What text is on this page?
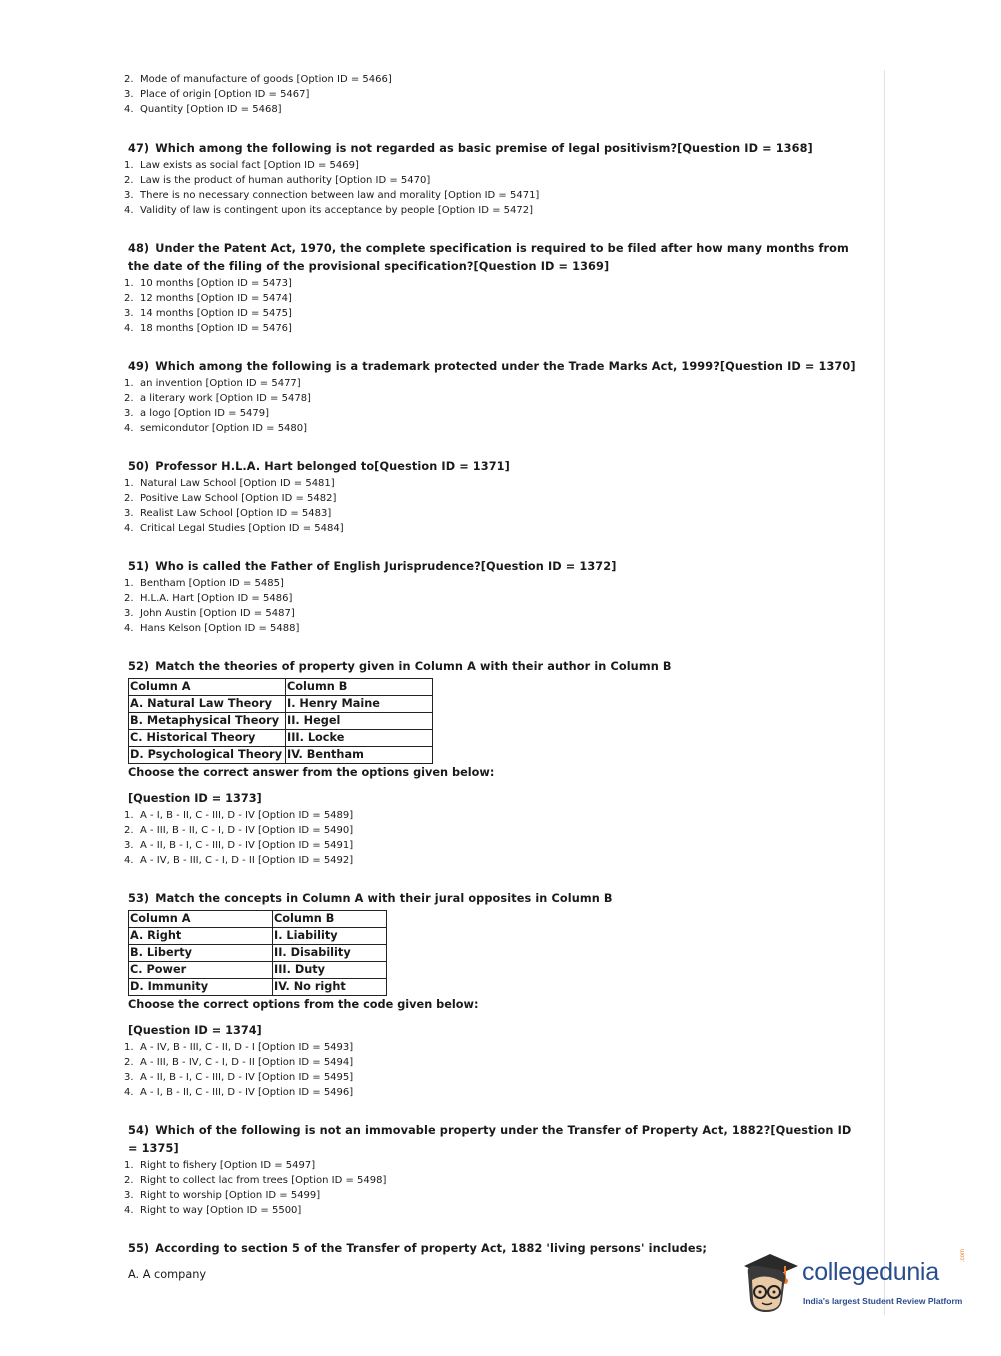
2. Mode of manufacture of goods [Option ID = 5466]
3. Place of origin [Option ID = 5467]
4. Quantity [Option ID = 5468]
47) Which among the following is not regarded as basic premise of legal positivism?[Question ID = 1368]
1. Law exists as social fact [Option ID = 5469]
2. Law is the product of human authority [Option ID = 5470]
3. There is no necessary connection between law and morality [Option ID = 5471]
4. Validity of law is contingent upon its acceptance by people [Option ID = 5472]
48) Under the Patent Act, 1970, the complete specification is required to be filed after how many months from the date of the filing of the provisional specification?[Question ID = 1369]
1. 10 months [Option ID = 5473]
2. 12 months [Option ID = 5474]
3. 14 months [Option ID = 5475]
4. 18 months [Option ID = 5476]
49) Which among the following is a trademark protected under the Trade Marks Act, 1999?[Question ID = 1370]
1. an invention [Option ID = 5477]
2. a literary work [Option ID = 5478]
3. a logo [Option ID = 5479]
4. semicondutor [Option ID = 5480]
50) Professor H.L.A. Hart belonged to[Question ID = 1371]
1. Natural Law School [Option ID = 5481]
2. Positive Law School [Option ID = 5482]
3. Realist Law School [Option ID = 5483]
4. Critical Legal Studies [Option ID = 5484]
51) Who is called the Father of English Jurisprudence?[Question ID = 1372]
1. Bentham [Option ID = 5485]
2. H.L.A. Hart [Option ID = 5486]
3. John Austin [Option ID = 5487]
4. Hans Kelson [Option ID = 5488]
52) Match the theories of property given in Column A with their author in Column B
Column A	Column B
A. Natural Law Theory	I. Henry Maine
B. Metaphysical Theory	II. Hegel
C. Historical Theory	III. Locke
D. Psychological Theory	IV. Bentham
Choose the correct answer from the options given below:
[Question ID = 1373]
1. A - I, B - II, C - III, D - IV [Option ID = 5489]
2. A - III, B - II, C - I, D - IV [Option ID = 5490]
3. A - II, B - I, C - III, D - IV [Option ID = 5491]
4. A - IV, B - III, C - I, D - II [Option ID = 5492]
53) Match the concepts in Column A with their jural opposites in Column B
Column A	Column B
A. Right	I. Liability
B. Liberty	II. Disability
C. Power	III. Duty
D. Immunity	IV. No right
Choose the correct options from the code given below:
[Question ID = 1374]
1. A - IV, B - III, C - II, D - I [Option ID = 5493]
2. A - III, B - IV, C - I, D - II [Option ID = 5494]
3. A - II, B - I, C - III, D - IV [Option ID = 5495]
4. A - I, B - II, C - III, D - IV [Option ID = 5496]
54) Which of the following is not an immovable property under the Transfer of Property Act, 1882?[Question ID = 1375]
1. Right to fishery [Option ID = 5497]
2. Right to collect lac from trees [Option ID = 5498]
3. Right to worship [Option ID = 5499]
4. Right to way [Option ID = 5500]
55) According to section 5 of the Transfer of property Act, 1882 'living persons' includes;
A. A company	collegedunia
.com
India's largest Student Review Platform
